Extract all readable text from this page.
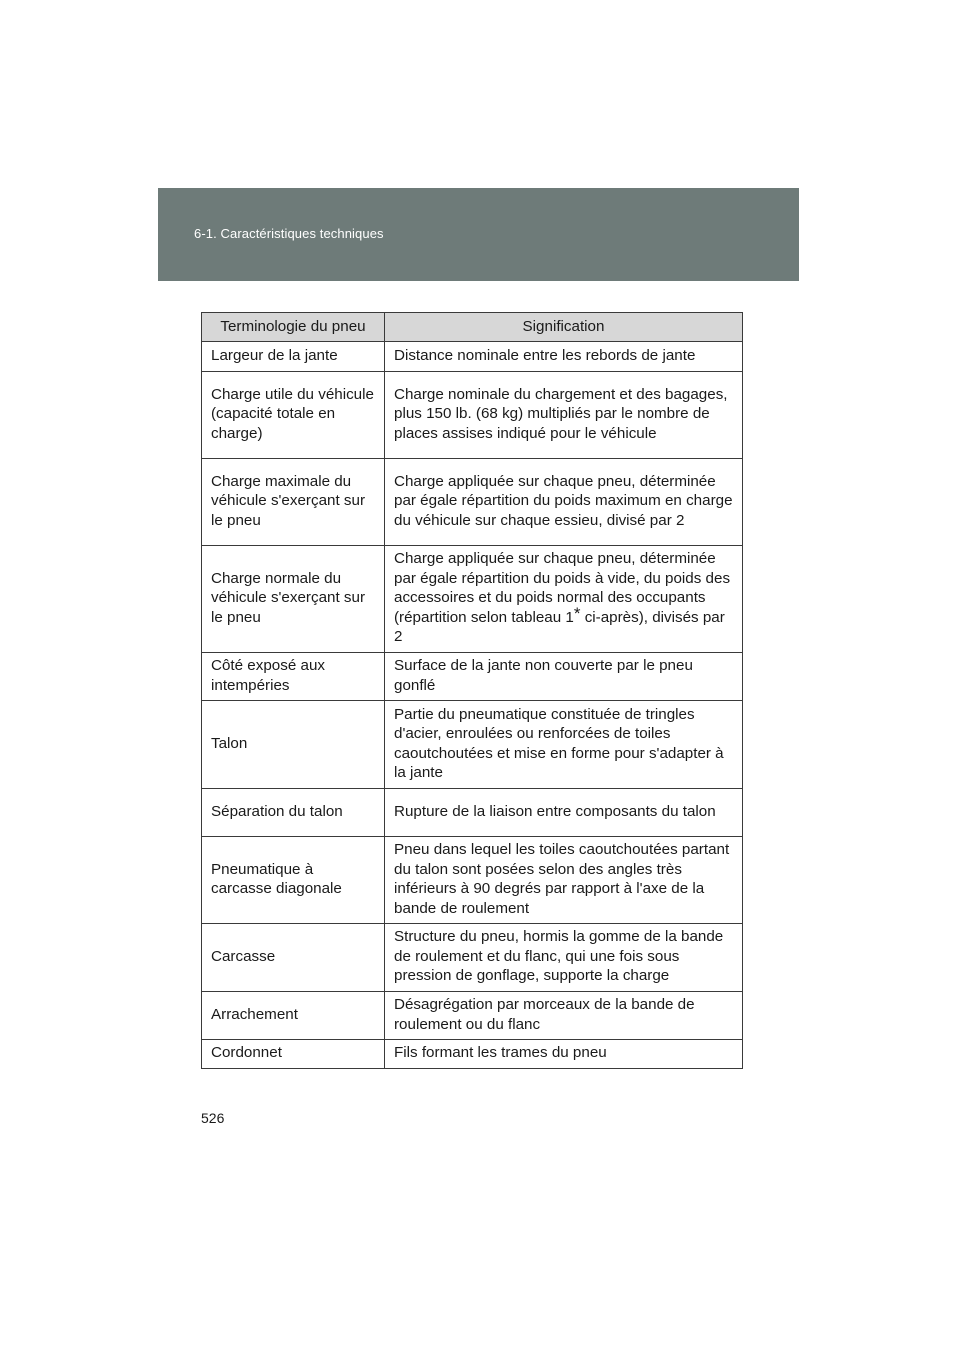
6-1. Caractéristiques techniques
Terminologie du pneu	Signification
Largeur de la jante	Distance nominale entre les rebords de jante
Charge utile du véhicule (capacité totale en charge)	Charge nominale du chargement et des bagages, plus 150 lb. (68 kg) multipliés par le nombre de places assises indiqué pour le véhicule
Charge maximale du véhicule s'exerçant sur le pneu	Charge appliquée sur chaque pneu, déterminée par égale répartition du poids maximum en charge du véhicule sur chaque essieu, divisé par 2
Charge normale du véhicule s'exerçant sur le pneu	Charge appliquée sur chaque pneu, déterminée par égale répartition du poids à vide, du poids des accessoires et du poids normal des occupants (répartition selon tableau 1* ci-après), divisés par 2
Côté exposé aux intempéries	Surface de la jante non couverte par le pneu gonflé
Talon	Partie du pneumatique constituée de tringles d'acier, enroulées ou renforcées de toiles caoutchoutées et mise en forme pour s'adapter à la jante
Séparation du talon	Rupture de la liaison entre composants du talon
Pneumatique à carcasse diagonale	Pneu dans lequel les toiles caoutchoutées partant du talon sont posées selon des angles très inférieurs à 90 degrés par rapport à l'axe de la bande de roulement
Carcasse	Structure du pneu, hormis la gomme de la bande de roulement et du flanc, qui une fois sous pression de gonflage, supporte la charge
Arrachement	Désagrégation par morceaux de la bande de roulement ou du flanc
Cordonnet	Fils formant les trames du pneu
526
